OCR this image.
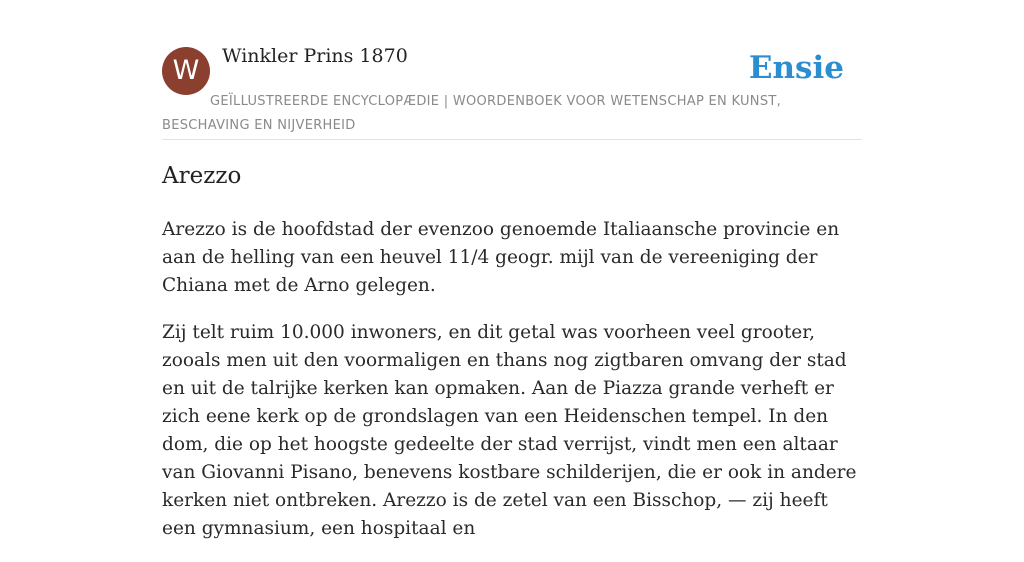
W	Winkler Prins 1870	Ensie
GEÏLLUSTREERDE ENCYCLOPÆDIE | WOORDENBOEK VOOR WETENSCHAP EN KUNST, BESCHAVING EN NIJVERHEID
Arezzo

Arezzo is de hoofdstad der evenzoo genoemde Italiaansche provincie en aan de helling van een heuvel 11/4 geogr. mijl van de vereeniging der Chiana met de Arno gelegen.

Zij telt ruim 10.000 inwoners, en dit getal was voorheen veel grooter, zooals men uit den voormaligen en thans nog zigtbaren omvang der stad en uit de talrijke kerken kan opmaken. Aan de Piazza grande verheft er zich eene kerk op de grondslagen van een Heidenschen tempel. In den dom, die op het hoogste gedeelte der stad verrijst, vindt men een altaar van Giovanni Pisano, benevens kostbare schilderijen, die er ook in andere kerken niet ontbreken. Arezzo is de zetel van een Bisschop, — zij heeft een gymnasium, een hospitaal en
